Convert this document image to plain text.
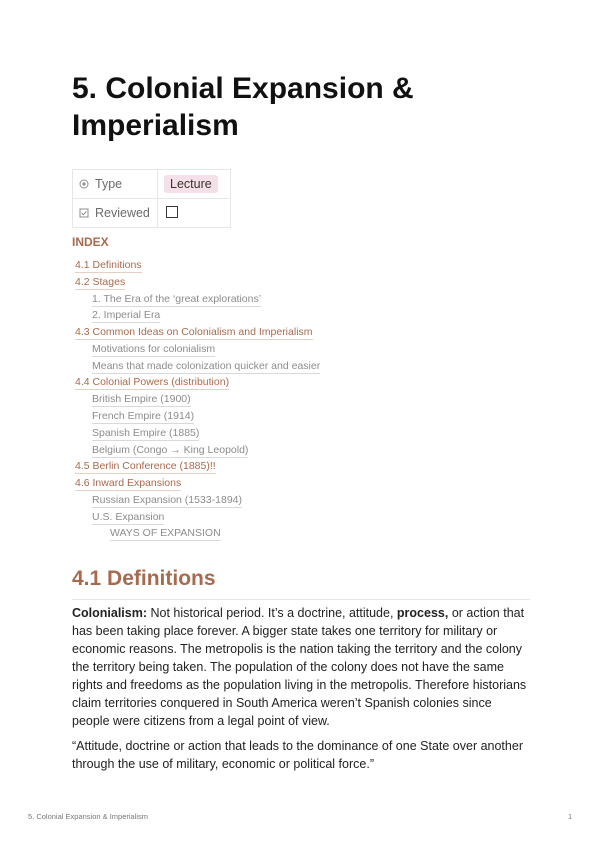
5. Colonial Expansion & Imperialism
Type	Lecture
Reviewed	
INDEX
4.1 Definitions
4.2 Stages
1. The Era of the ‘great explorations’
2. Imperial Era
4.3 Common Ideas on Colonialism and Imperialism
Motivations for colonialism
Means that made colonization quicker and easier
4.4 Colonial Powers (distribution)
British Empire (1900)
French Empire (1914)
Spanish Empire (1885)
Belgium (Congo → King Leopold)
4.5 Berlin Conference (1885)!!
4.6 Inward Expansions
Russian Expansion (1533-1894)
U.S. Expansion
WAYS OF EXPANSION
4.1 Definitions

Colonialism: Not historical period. It’s a doctrine, attitude, process, or action that has been taking place forever. A bigger state takes one territory for military or economic reasons. The metropolis is the nation taking the territory and the colony the territory being taken. The population of the colony does not have the same rights and freedoms as the population living in the metropolis. Therefore historians claim territories conquered in South America weren’t Spanish colonies since people were citizens from a legal point of view.

“Attitude, doctrine or action that leads to the dominance of one State over another through the use of military, economic or political force.”

5. Colonial Expansion & Imperialism	1
